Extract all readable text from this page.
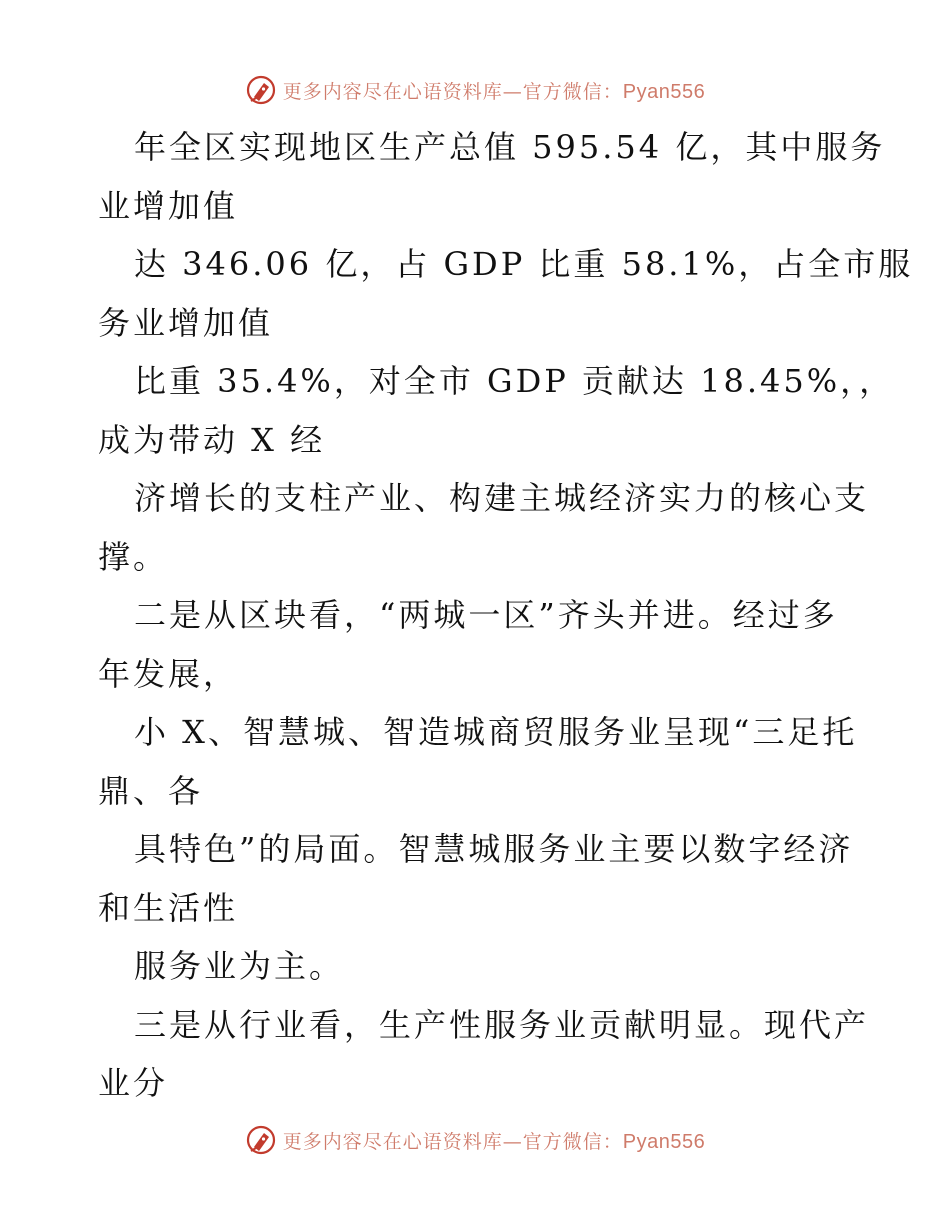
更多内容尽在心语资料库—官方微信：Pyan556
年全区实现地区生产总值 595.54 亿，其中服务
业增加值
达 346.06 亿，占 GDP 比重 58.1%，占全市服
务业增加值
比重 35.4%，对全市 GDP 贡献达 18.45%，，
成为带动 X 经
济增长的支柱产业、构建主城经济实力的核心支
撑。
二是从区块看，“两城一区”齐头并进。经过多
年发展，
小 X、智慧城、智造城商贸服务业呈现“三足托
鼎、各
具特色”的局面。智慧城服务业主要以数字经济
和生活性
服务业为主。
三是从行业看，生产性服务业贡献明显。现代产
业分
更多内容尽在心语资料库—官方微信：Pyan556
